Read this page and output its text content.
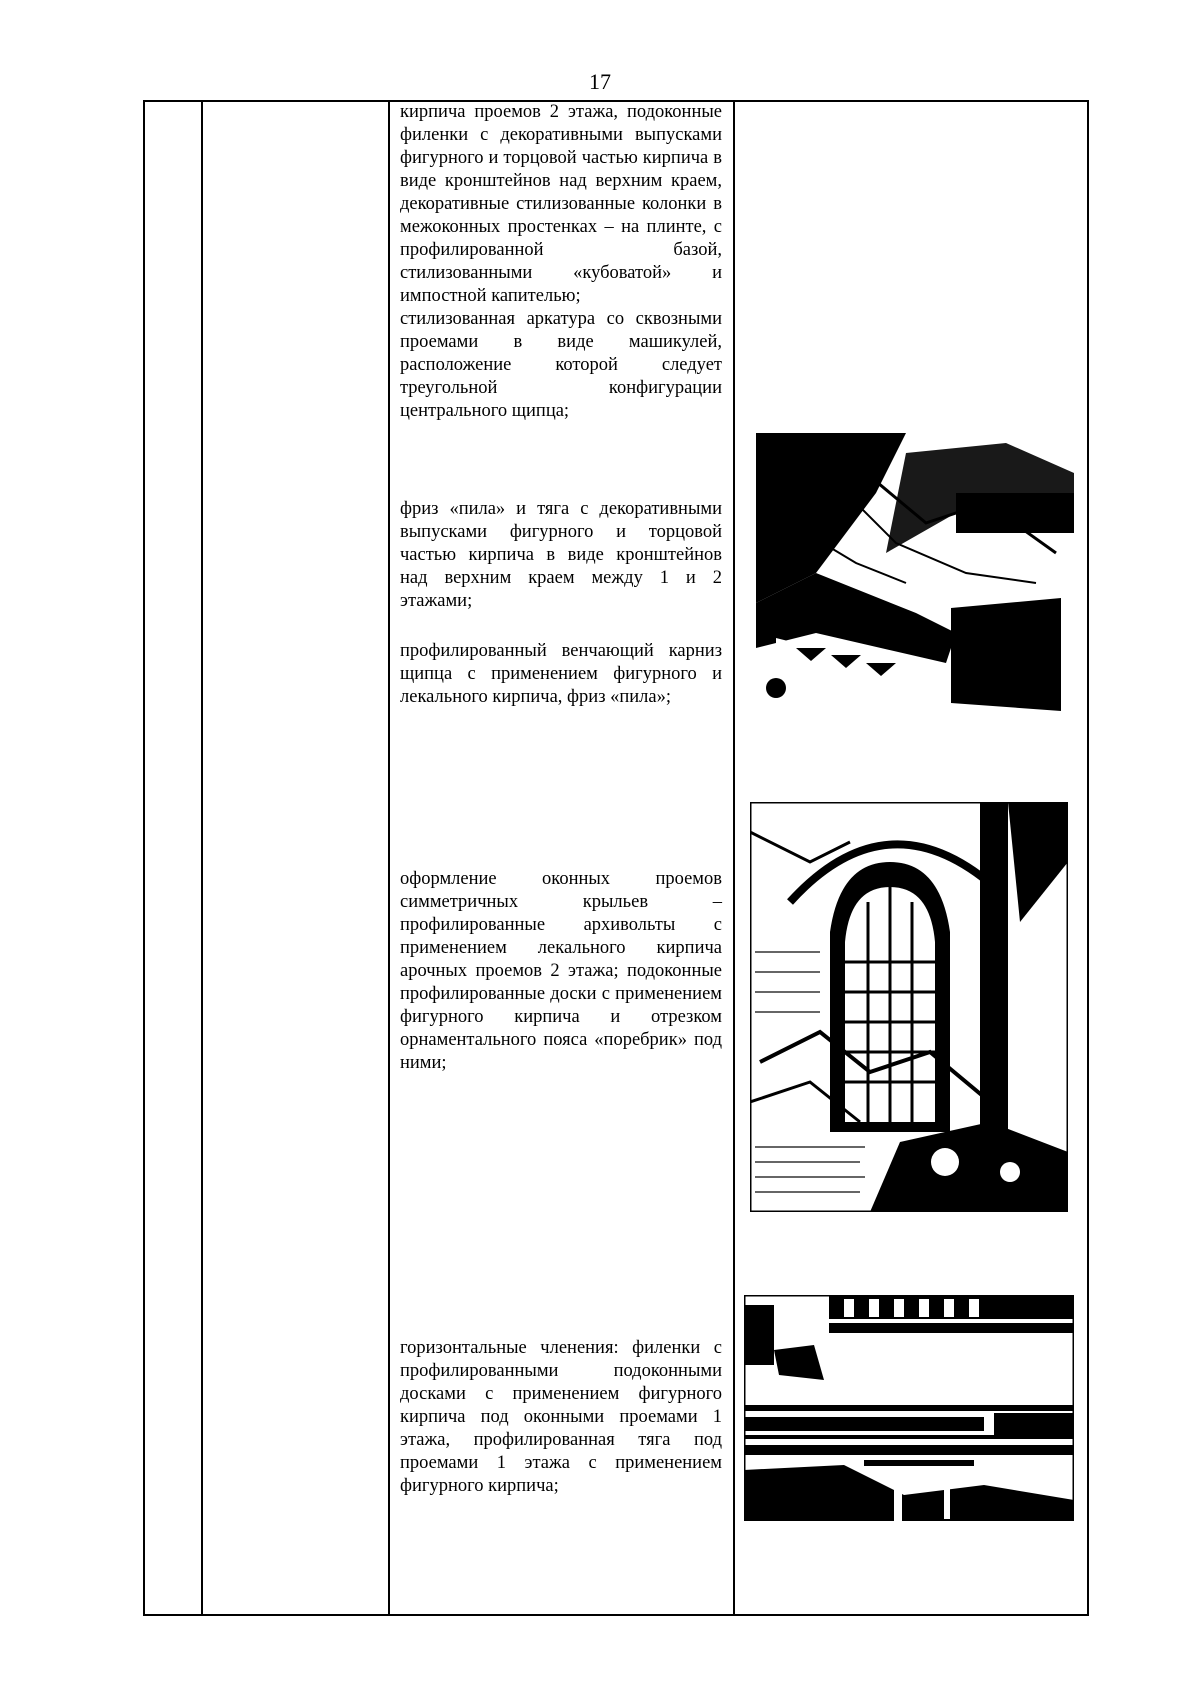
17

кирпича проемов 2 этажа, подоконные филенки с декоративными выпусками фигурного и торцовой частью кирпича в виде кронштейнов над верхним краем, декоративные стилизованные колонки в межоконных простенках – на плинте, с профилированной базой, стилизованными «кубоватой» и импостной капителью;

стилизованная аркатура со сквозными проемами в виде машикулей, расположение которой следует треугольной конфигурации центрального щипца;

фриз «пила» и тяга с декоративными выпусками фигурного и торцовой частью кирпича в виде кронштейнов над верхним краем между 1 и 2 этажами;

профилированный венчающий карниз щипца с применением фигурного и лекального кирпича, фриз «пила»;

оформление оконных проемов симметричных крыльев – профилированные архивольты с применением лекального кирпича арочных проемов 2 этажа; подоконные профилированные доски с применением фигурного кирпича и отрезком орнаментального пояса «поребрик» под ними;

горизонтальные членения: филенки с профилированными подоконными досками с применением фигурного кирпича под оконными проемами 1 этажа, профилированная тяга под проемами 1 этажа с применением фигурного кирпича;
